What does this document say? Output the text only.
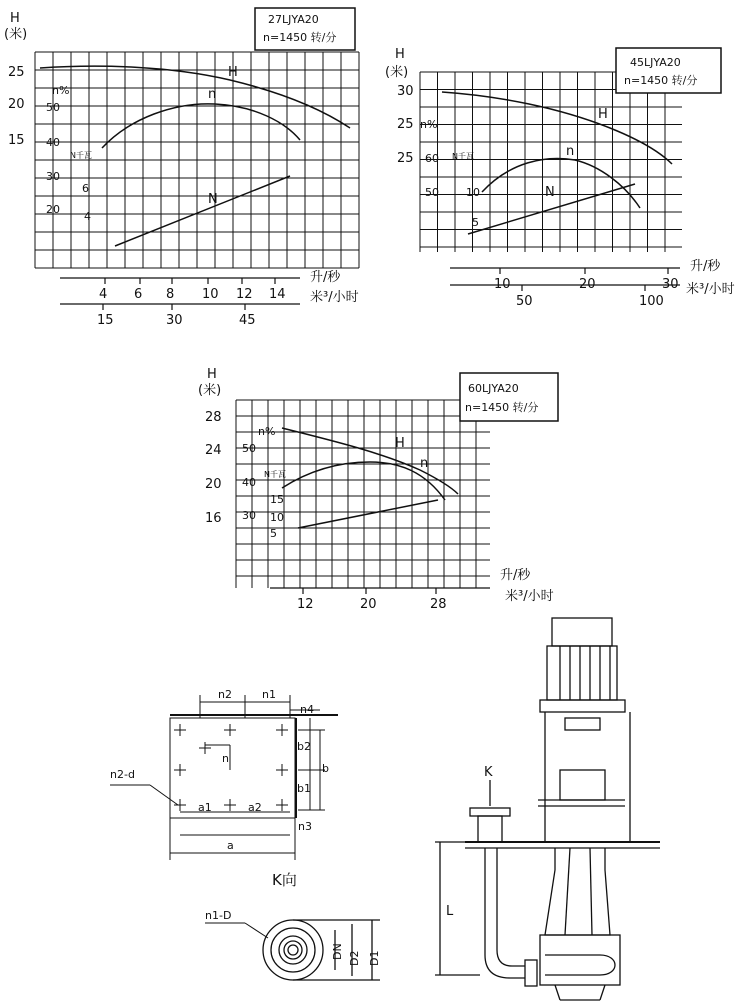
27LJYA20
n=1450 转/分
H
(米)
25
20
15
n%
50
40
30
20
N千瓦
6
4
H
n
N
4 6 8 10 12 14
升/秒
15	30	45
米³/小时
45LJYA20
n=1450 转/分
H
(米)
30
25
25
n%
60
50
N千瓦
10
5
H
n
N
10	20	30
升/秒
50	100
米³/小时
60LJYA20
n=1450 转/分
H
(米)
28
24
20
16
n%
50
40
30
N千瓦
15
10
5
H
n
12	20	28
升/秒
米³/小时
n2	n1
n4
n
b2
b
b1
a1	a2
n3
a
n2-d
K向
n1-D
DN D2 D1
K
L
